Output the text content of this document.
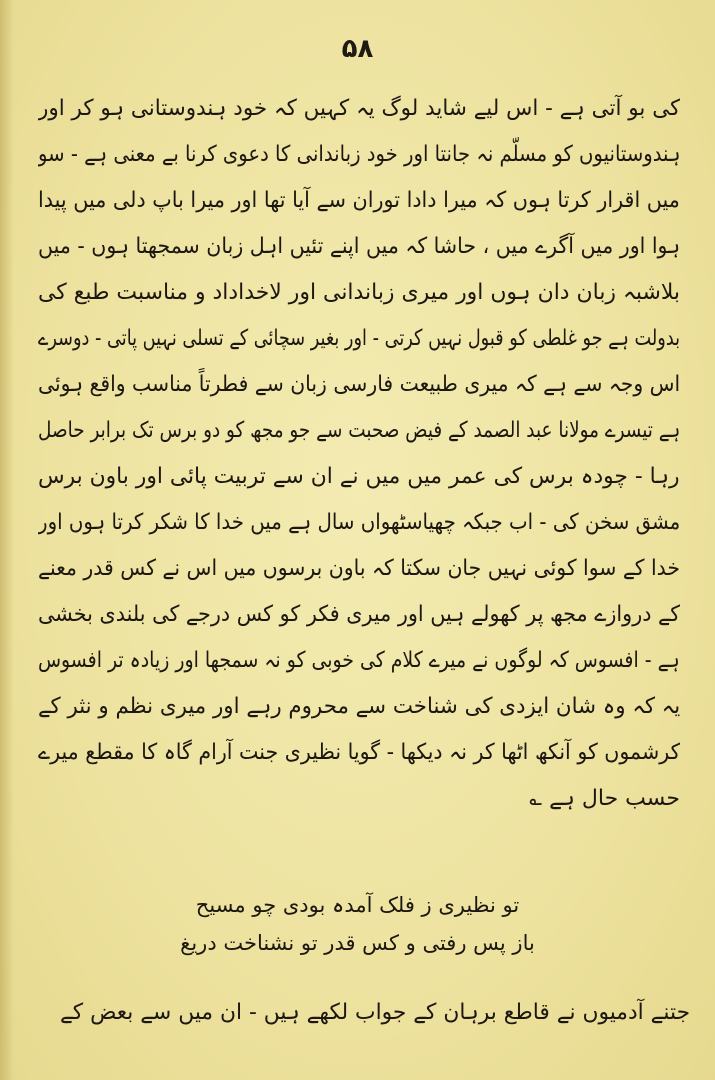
۵۸
کی بو آتی ہے - اس لیے شاید لوگ یہ کہیں کہ خود ہندوستانی ہو کر اور
ہندوستانیوں کو مسلّم نہ جانتا اور خود زباندانی کا دعوی کرنا بے معنی ہے - سو
میں اقرار کرتا ہوں کہ میرا دادا توران سے آیا تھا اور میرا باپ دلی میں پیدا
ہوا اور میں آگرے میں ، حاشا کہ میں اپنے تئیں اہل زبان سمجھتا ہوں - میں
بلاشبہ زبان دان ہوں اور میری زباندانی اور لاخداداد و مناسبت طبع کی
بدولت ہے جو غلطی کو قبول نہیں کرتی - اور بغیر سچائی کے تسلی نہیں پاتی - دوسرے
اس وجہ سے ہے کہ میری طبیعت فارسی زبان سے فطرتاً مناسب واقع ہوئی
ہے تیسرے مولانا عبد الصمد کے فیض صحبت سے جو مجھ کو دو برس تک برابر حاصل
رہا - چودہ برس کی عمر میں میں نے ان سے تربیت پائی اور باون برس
مشق سخن کی - اب جبکہ چھیاسٹھواں سال ہے میں خدا کا شکر کرتا ہوں اور
خدا کے سوا کوئی نہیں جان سکتا کہ باون برسوں میں اس نے کس قدر معنے
کے دروازے مجھ پر کھولے ہیں اور میری فکر کو کس درجے کی بلندی بخشی
ہے - افسوس کہ لوگوں نے میرے کلام کی خوبی کو نہ سمجھا اور زیادہ تر افسوس
یہ کہ وہ شان ایزدی کی شناخت سے محروم رہے اور میری نظم و نثر کے
کرشموں کو آنکھ اٹھا کر نہ دیکھا - گویا نظیری جنت آرام گاہ کا مقطع میرے
حسب حال ہے ؎
تو نظیری ز فلک آمدہ بودی چو مسیح
باز پس رفتی و کس قدر تو نشناخت دریغ
جتنے آدمیوں نے قاطع برہان کے جواب لکھے ہیں - ان میں سے بعض کے
